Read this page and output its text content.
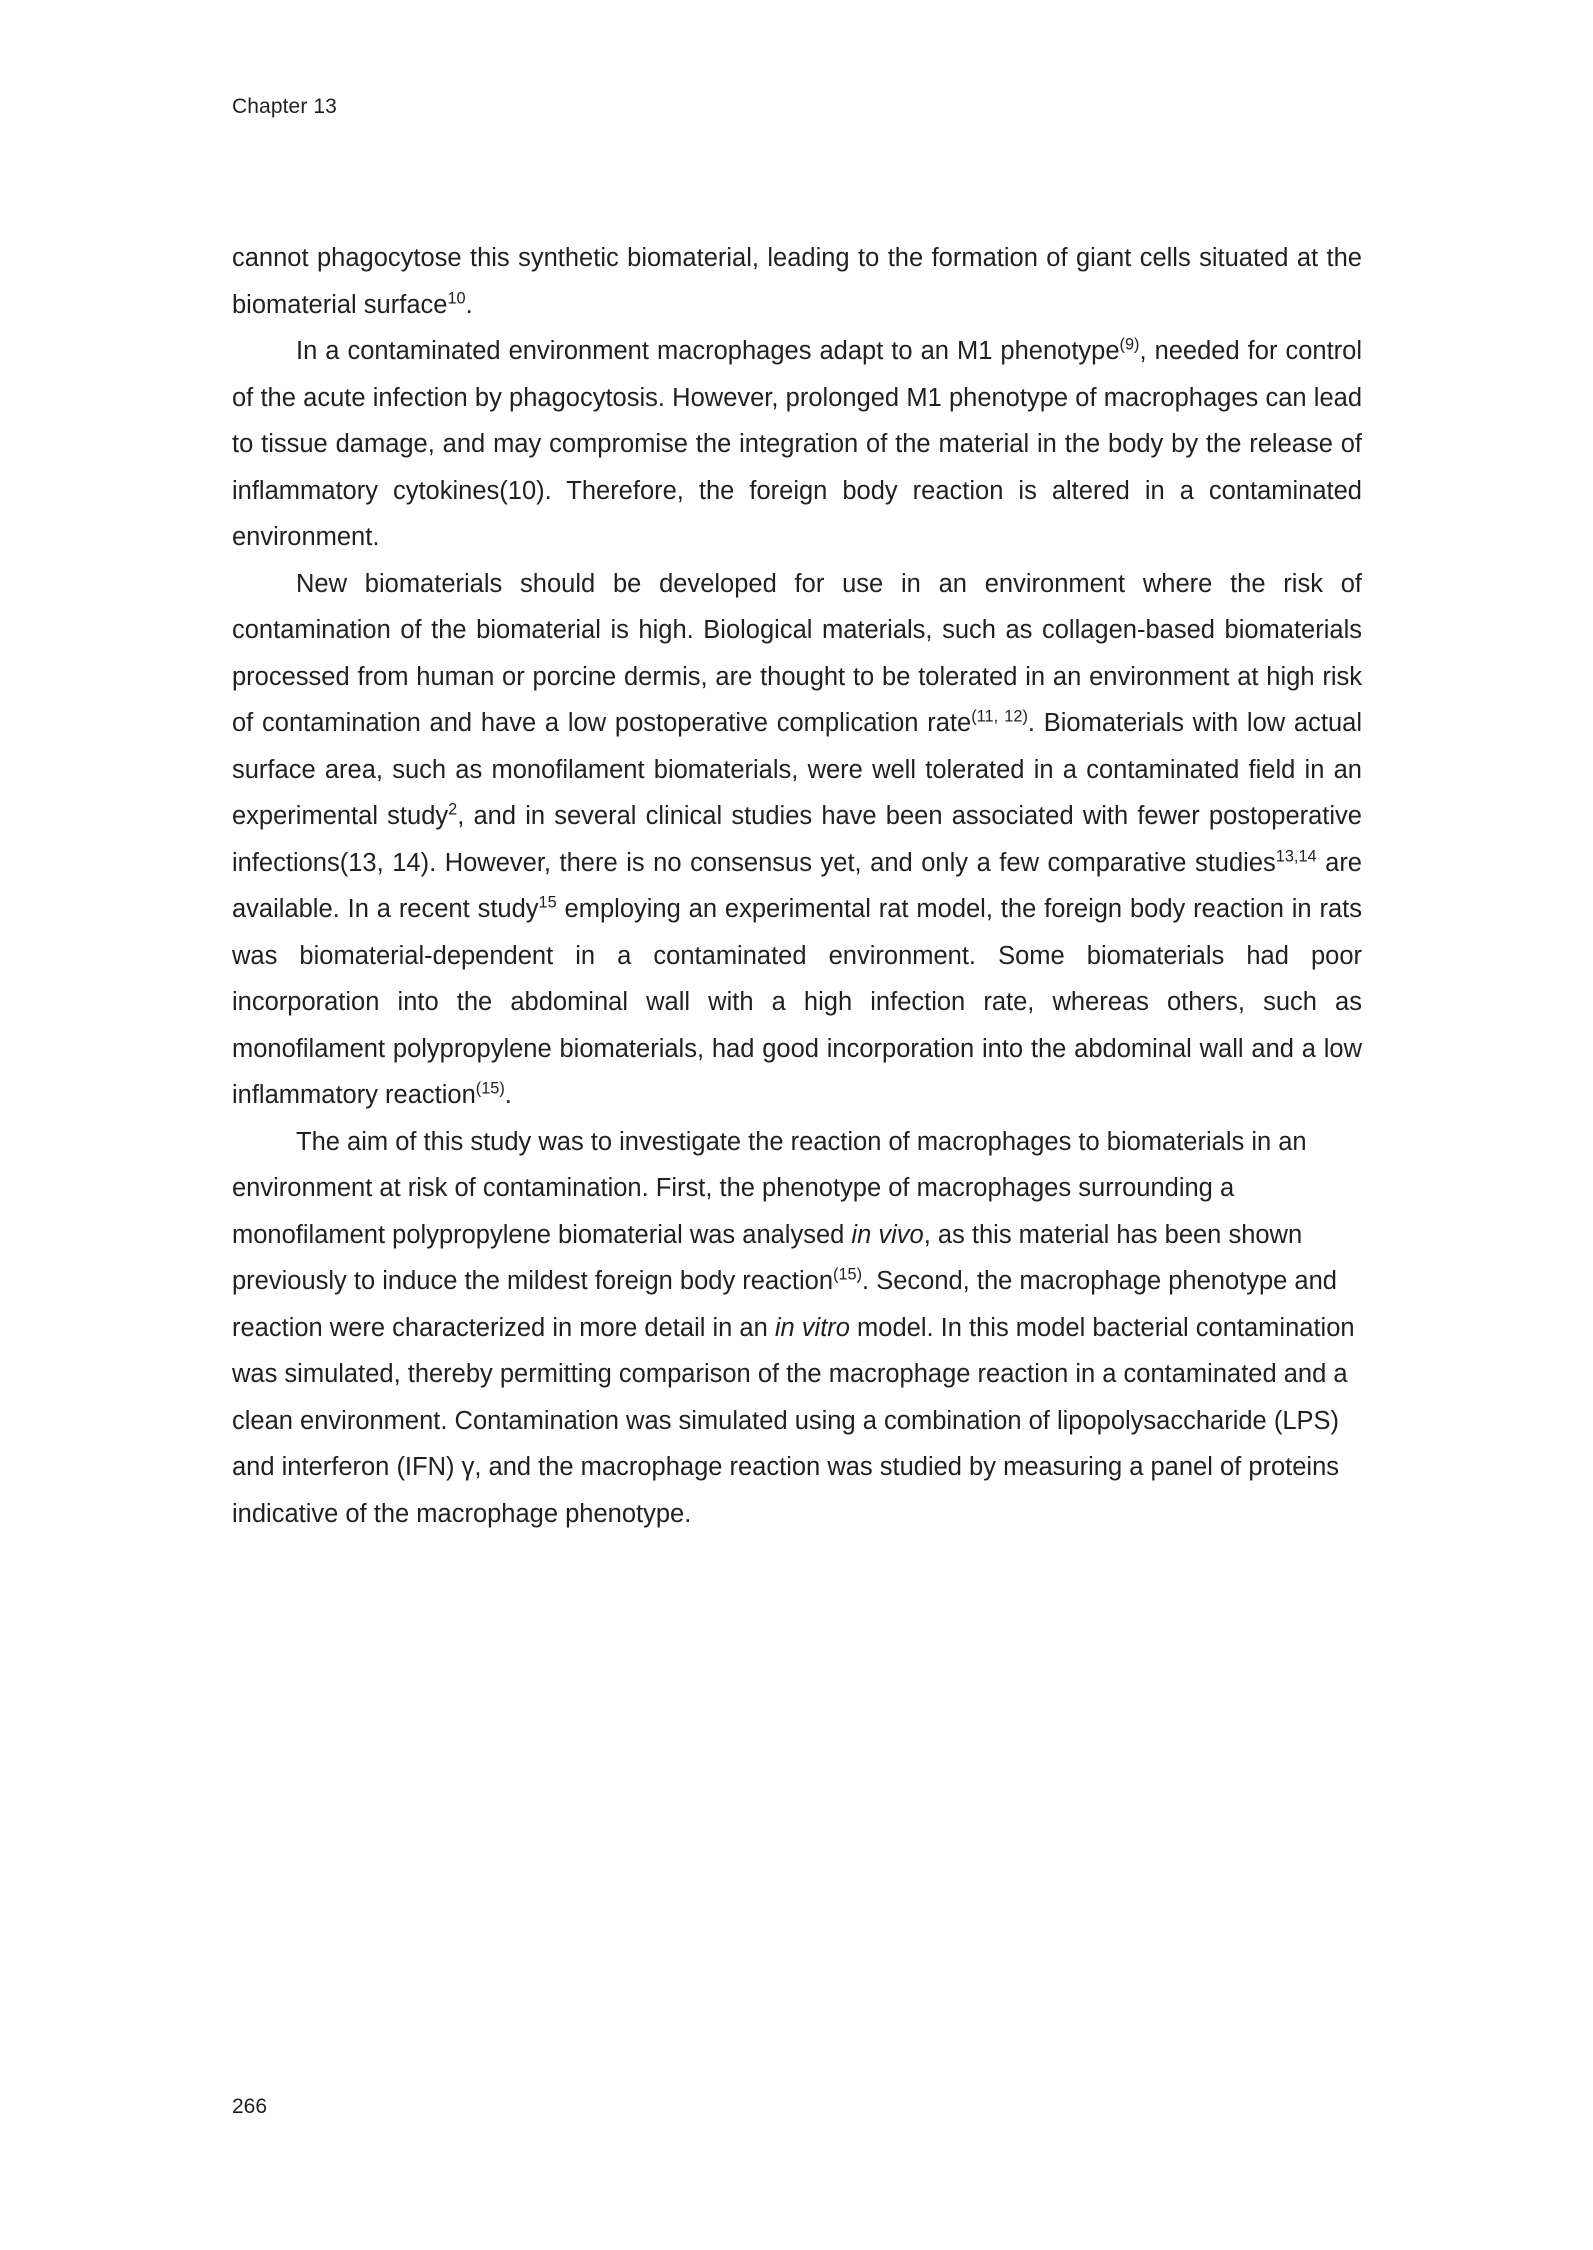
Chapter 13

cannot phagocytose this synthetic biomaterial, leading to the formation of giant cells situated at the biomaterial surface$^{10}$.

In a contaminated environment macrophages adapt to an M1 phenotype$^{(9)}$, needed for control of the acute infection by phagocytosis. However, prolonged M1 phenotype of macrophages can lead to tissue damage, and may compromise the integration of the material in the body by the release of inflammatory cytokines(10). Therefore, the foreign body reaction is altered in a contaminated environment.

New biomaterials should be developed for use in an environment where the risk of contamination of the biomaterial is high. Biological materials, such as collagen-based biomaterials processed from human or porcine dermis, are thought to be tolerated in an environment at high risk of contamination and have a low postoperative complication rate$^{(11, 12)}$. Biomaterials with low actual surface area, such as monofilament biomaterials, were well tolerated in a contaminated field in an experimental study$^2$, and in several clinical studies have been associated with fewer postoperative infections(13, 14). However, there is no consensus yet, and only a few comparative studies$^{13,14}$ are available. In a recent study$^{15}$ employing an experimental rat model, the foreign body reaction in rats was biomaterial-dependent in a contaminated environment. Some biomaterials had poor incorporation into the abdominal wall with a high infection rate, whereas others, such as monofilament polypropylene biomaterials, had good incorporation into the abdominal wall and a low inflammatory reaction$^{(15)}$.

The aim of this study was to investigate the reaction of macrophages to biomaterials in an environment at risk of contamination. First, the phenotype of macrophages surrounding a monofilament polypropylene biomaterial was analysed in vivo, as this material has been shown previously to induce the mildest foreign body reaction$^{(15)}$. Second, the macrophage phenotype and reaction were characterized in more detail in an in vitro model. In this model bacterial contamination was simulated, thereby permitting comparison of the macrophage reaction in a contaminated and a clean environment. Contamination was simulated using a combination of lipopolysaccharide (LPS) and interferon (IFN) γ, and the macrophage reaction was studied by measuring a panel of proteins indicative of the macrophage phenotype.

266
